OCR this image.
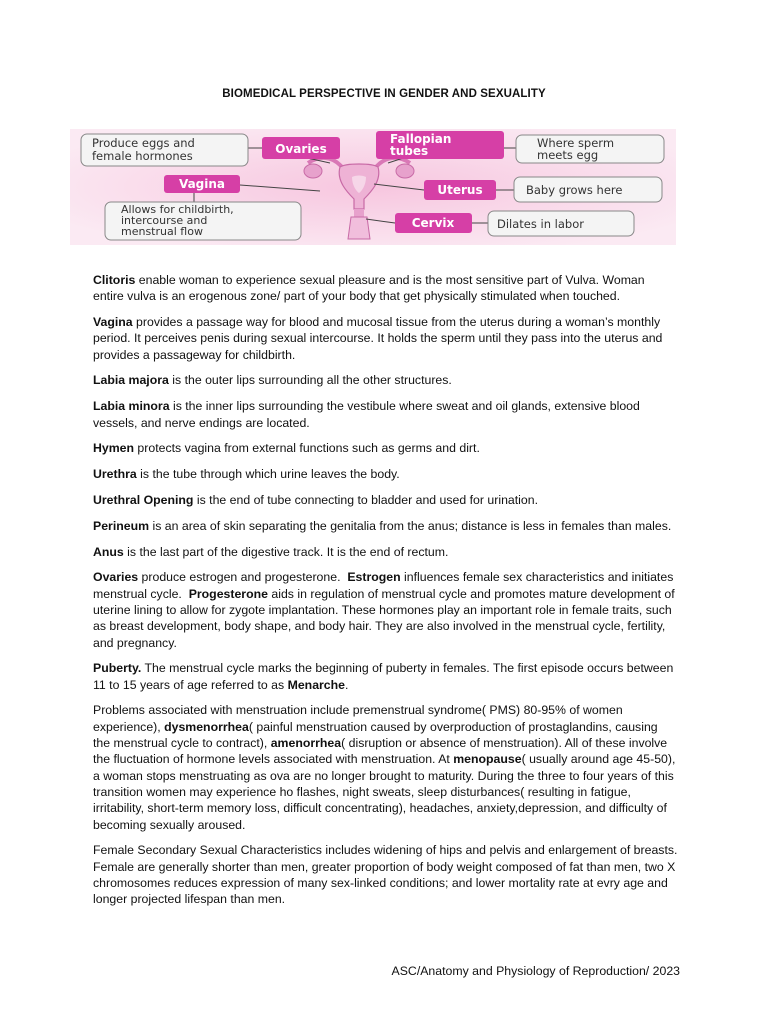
BIOMEDICAL PERSPECTIVE IN GENDER AND SEXUALITY
Produce eggs and
female hormones
Where sperm
meets egg
Baby grows here
Allows for childbirth,
intercourse and
menstrual flow
Dilates in labor
Ovaries
Fallopian
tubes
Vagina	Uterus
Cervix

Clitoris enable woman to experience sexual pleasure and is the most sensitive part of Vulva. Woman entire vulva is an erogenous zone/ part of your body that get physically stimulated when touched.

Vagina provides a passage way for blood and mucosal tissue from the uterus during a woman’s monthly period. It perceives penis during sexual intercourse. It holds the sperm until they pass into the uterus and provides a passageway for childbirth.

Labia majora is the outer lips surrounding all the other structures.

Labia minora is the inner lips surrounding the vestibule where sweat and oil glands, extensive blood vessels, and nerve endings are located.

Hymen protects vagina from external functions such as germs and dirt.

Urethra is the tube through which urine leaves the body.

Urethral Opening is the end of tube connecting to bladder and used for urination.

Perineum is an area of skin separating the genitalia from the anus; distance is less in females than males.

Anus is the last part of the digestive track. It is the end of rectum.

Ovaries produce estrogen and progesterone.  Estrogen influences female sex characteristics and initiates menstrual cycle.  Progesterone aids in regulation of menstrual cycle and promotes mature development of uterine lining to allow for zygote implantation. These hormones play an important role in female traits, such as breast development, body shape, and body hair. They are also involved in the menstrual cycle, fertility, and pregnancy.

Puberty. The menstrual cycle marks the beginning of puberty in females. The first episode occurs between 11 to 15 years of age referred to as Menarche.

Problems associated with menstruation include premenstrual syndrome( PMS) 80-95% of women experience), dysmenorrhea( painful menstruation caused by overproduction of prostaglandins, causing the menstrual cycle to contract), amenorrhea( disruption or absence of menstruation). All of these involve the fluctuation of hormone levels associated with menstruation. At menopause( usually around age 45-50), a woman stops menstruating as ova are no longer brought to maturity. During the three to four years of this transition women may experience ho flashes, night sweats, sleep disturbances( resulting in fatigue, irritability, short-term memory loss, difficult concentrating), headaches, anxiety,depression, and difficulty of becoming sexually aroused.

Female Secondary Sexual Characteristics includes widening of hips and pelvis and enlargement of breasts. Female are generally shorter than men, greater proportion of body weight composed of fat than men, two X chromosomes reduces expression of many sex-linked conditions; and lower mortality rate at evry age and longer projected lifespan than men.

ASC/Anatomy and Physiology of Reproduction/ 2023
